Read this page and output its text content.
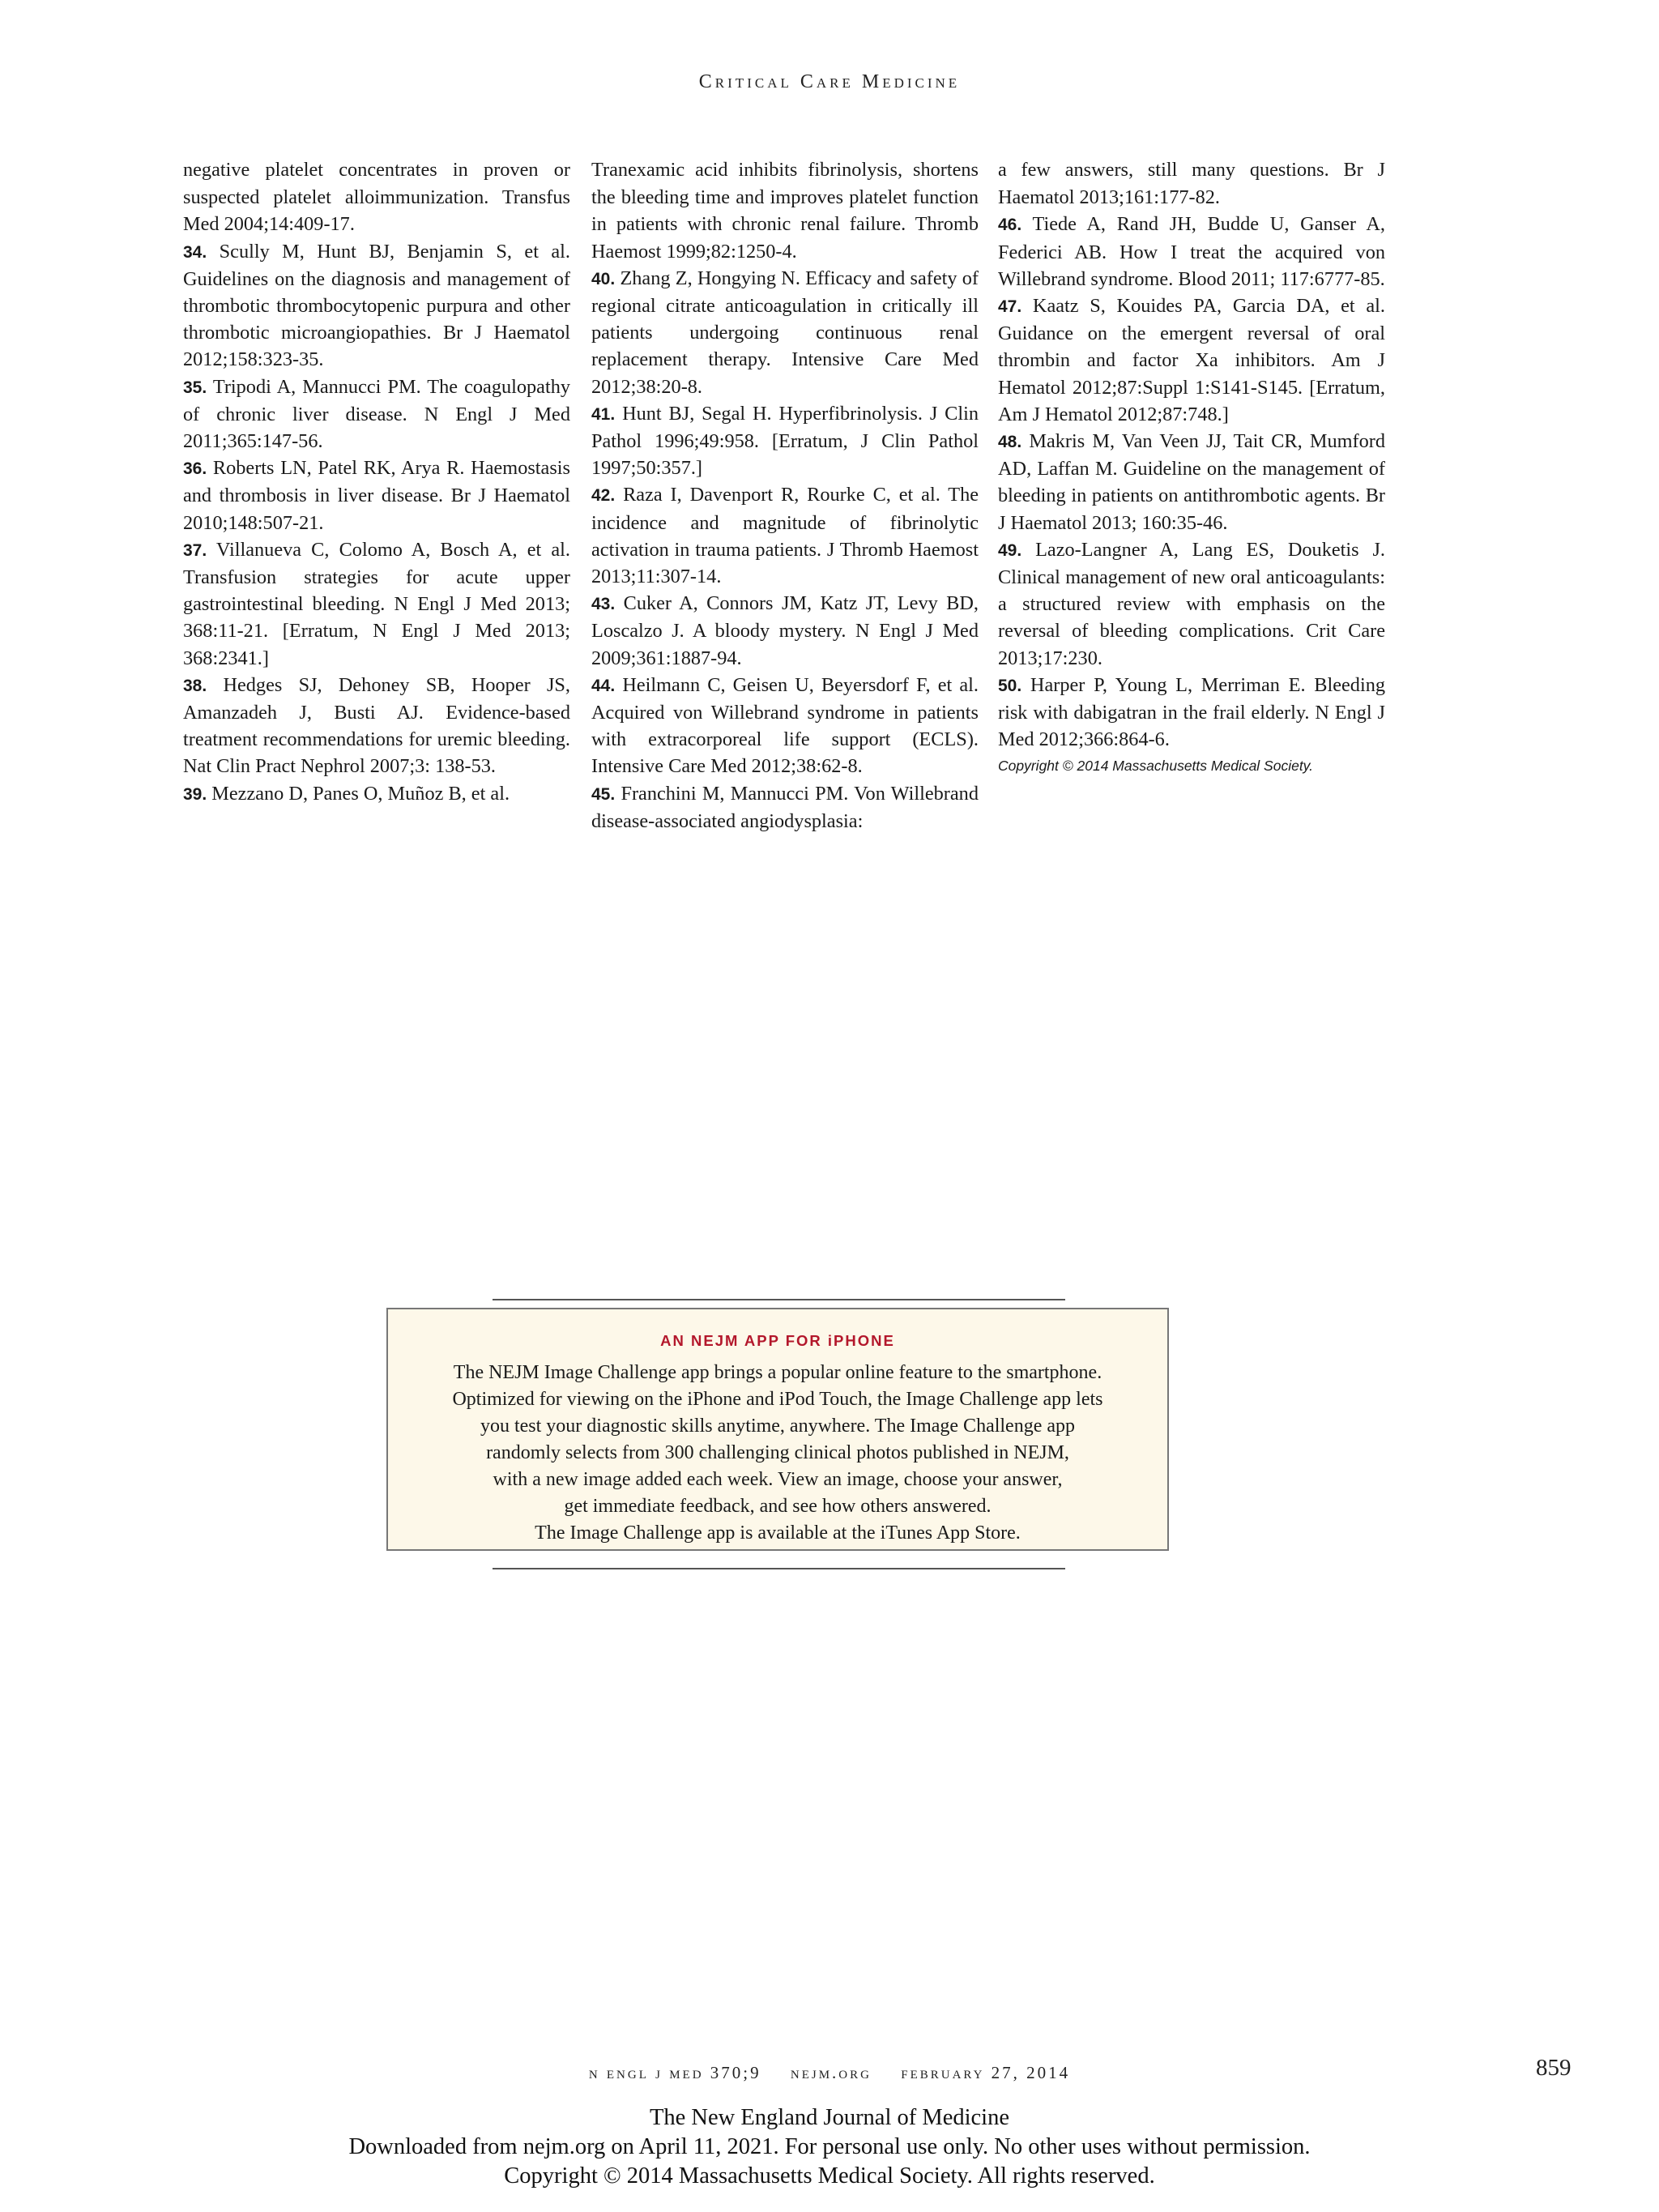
Critical Care Medicine

negative platelet concentrates in proven or suspected platelet alloimmunization. Transfus Med 2004;14:409-17.

34. Scully M, Hunt BJ, Benjamin S, et al. Guidelines on the diagnosis and management of thrombotic thrombocytopenic purpura and other thrombotic microangiopathies. Br J Haematol 2012;158:323-35.

35. Tripodi A, Mannucci PM. The coagulopathy of chronic liver disease. N Engl J Med 2011;365:147-56.

36. Roberts LN, Patel RK, Arya R. Haemostasis and thrombosis in liver disease. Br J Haematol 2010;148:507-21.

37. Villanueva C, Colomo A, Bosch A, et al. Transfusion strategies for acute upper gastrointestinal bleeding. N Engl J Med 2013; 368:11-21. [Erratum, N Engl J Med 2013; 368:2341.]

38. Hedges SJ, Dehoney SB, Hooper JS, Amanzadeh J, Busti AJ. Evidence-based treatment recommendations for uremic bleeding. Nat Clin Pract Nephrol 2007;3: 138-53.

39. Mezzano D, Panes O, Muñoz B, et al.

Tranexamic acid inhibits fibrinolysis, shortens the bleeding time and improves platelet function in patients with chronic renal failure. Thromb Haemost 1999;82:1250-4.

40. Zhang Z, Hongying N. Efficacy and safety of regional citrate anticoagulation in critically ill patients undergoing continuous renal replacement therapy. Intensive Care Med 2012;38:20-8.

41. Hunt BJ, Segal H. Hyperfibrinolysis. J Clin Pathol 1996;49:958. [Erratum, J Clin Pathol 1997;50:357.]

42. Raza I, Davenport R, Rourke C, et al. The incidence and magnitude of fibrinolytic activation in trauma patients. J Thromb Haemost 2013;11:307-14.

43. Cuker A, Connors JM, Katz JT, Levy BD, Loscalzo J. A bloody mystery. N Engl J Med 2009;361:1887-94.

44. Heilmann C, Geisen U, Beyersdorf F, et al. Acquired von Willebrand syndrome in patients with extracorporeal life support (ECLS). Intensive Care Med 2012;38:62-8.

45. Franchini M, Mannucci PM. Von Willebrand disease-associated angiodysplasia:

a few answers, still many questions. Br J Haematol 2013;161:177-82.

46. Tiede A, Rand JH, Budde U, Ganser A, Federici AB. How I treat the acquired von Willebrand syndrome. Blood 2011; 117:6777-85.

47. Kaatz S, Kouides PA, Garcia DA, et al. Guidance on the emergent reversal of oral thrombin and factor Xa inhibitors. Am J Hematol 2012;87:Suppl 1:S141-S145. [Erratum, Am J Hematol 2012;87:748.]

48. Makris M, Van Veen JJ, Tait CR, Mumford AD, Laffan M. Guideline on the management of bleeding in patients on antithrombotic agents. Br J Haematol 2013; 160:35-46.

49. Lazo-Langner A, Lang ES, Douketis J. Clinical management of new oral anticoagulants: a structured review with emphasis on the reversal of bleeding complications. Crit Care 2013;17:230.

50. Harper P, Young L, Merriman E. Bleeding risk with dabigatran in the frail elderly. N Engl J Med 2012;366:864-6.

Copyright © 2014 Massachusetts Medical Society.

AN NEJM APP FOR iPHONE
The NEJM Image Challenge app brings a popular online feature to the smartphone.
Optimized for viewing on the iPhone and iPod Touch, the Image Challenge app lets
you test your diagnostic skills anytime, anywhere. The Image Challenge app
randomly selects from 300 challenging clinical photos published in NEJM,
with a new image added each week. View an image, choose your answer,
get immediate feedback, and see how others answered.
The Image Challenge app is available at the iTunes App Store.
n engl j med 370;9 nejm.org february 27, 2014	859
The New England Journal of Medicine
Downloaded from nejm.org on April 11, 2021. For personal use only. No other uses without permission.
Copyright © 2014 Massachusetts Medical Society. All rights reserved.
